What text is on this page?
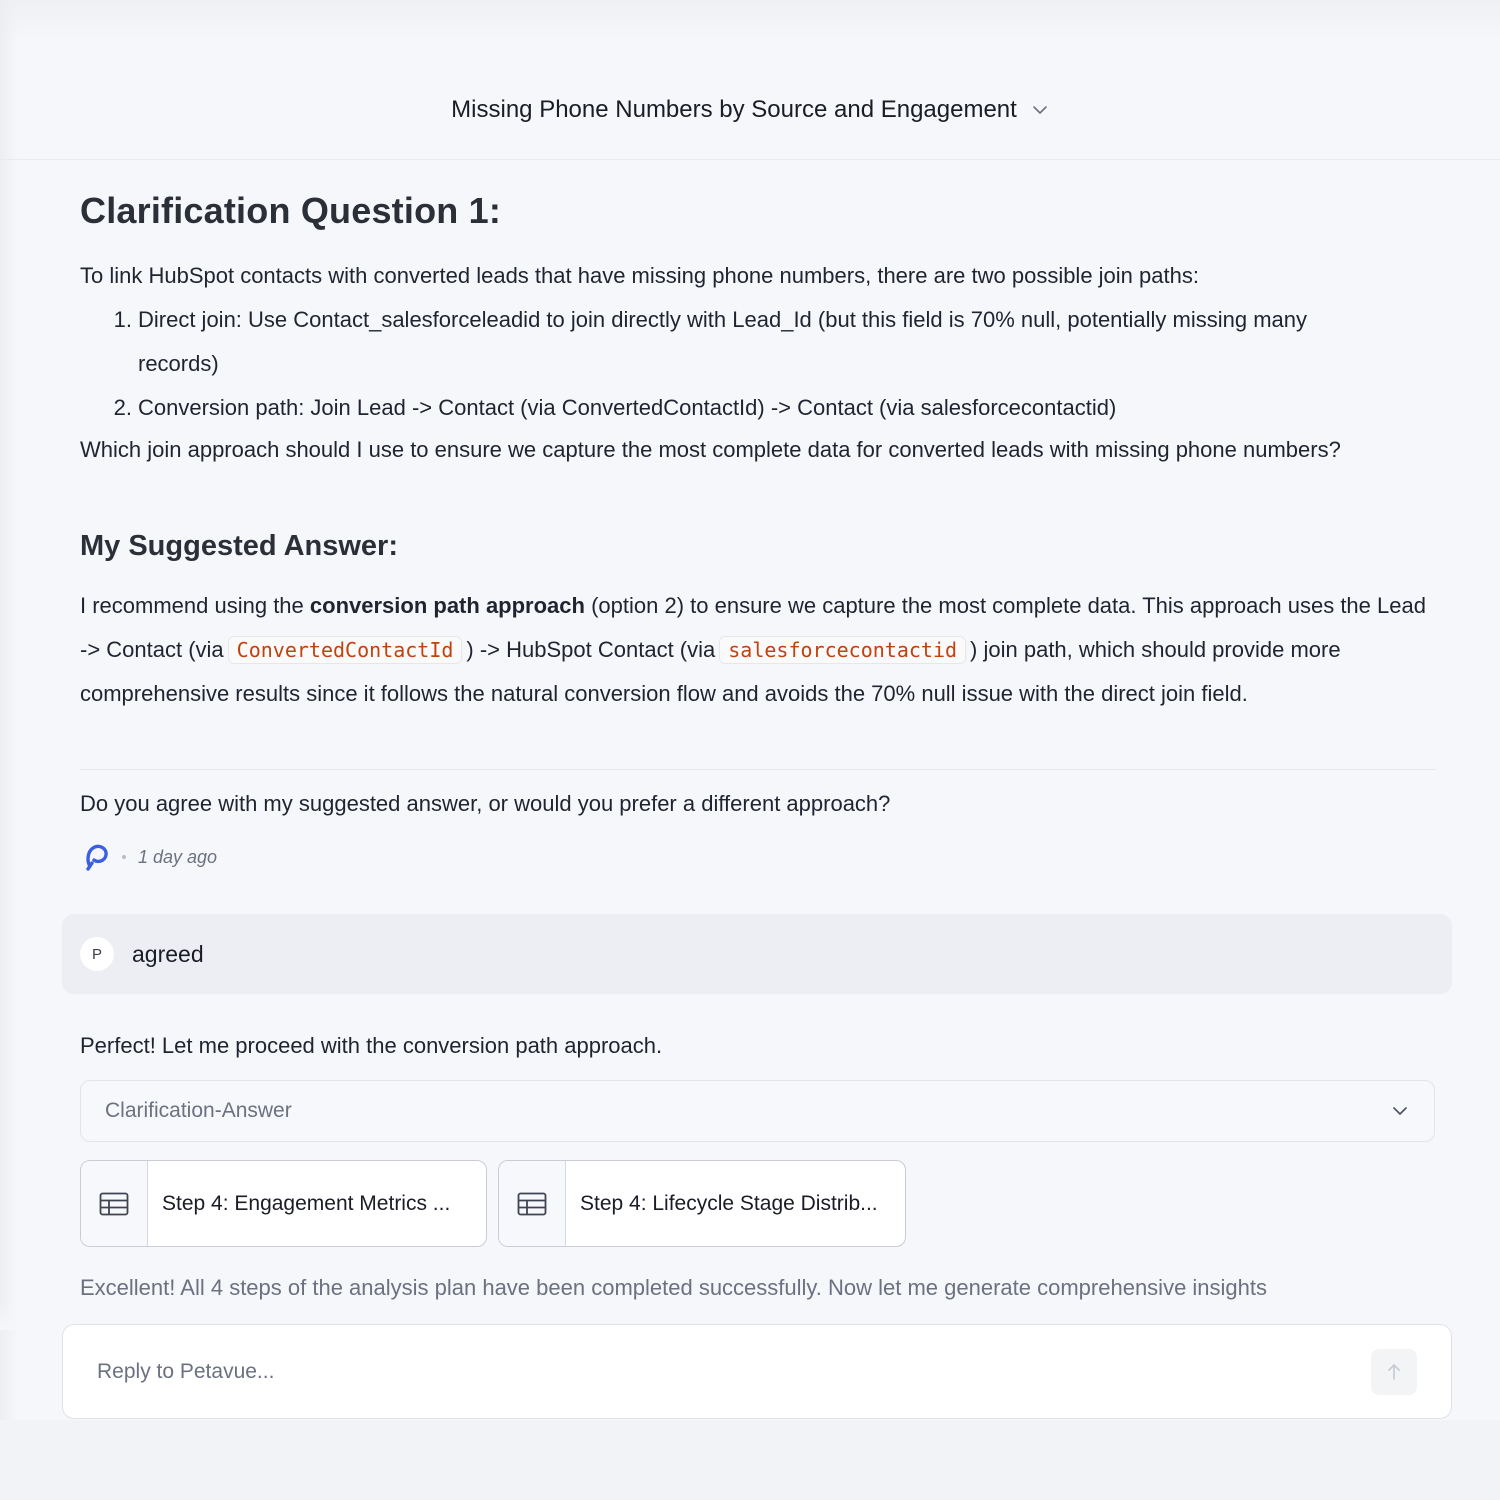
Missing Phone Numbers by Source and Engagement
Clarification Question 1:
To link HubSpot contacts with converted leads that have missing phone numbers, there are two possible join paths:
1. Direct join: Use Contact_salesforceleadid to join directly with Lead_Id (but this field is 70% null, potentially missing many records)
2. Conversion path: Join Lead -> Contact (via ConvertedContactId) -> Contact (via salesforcecontactid)
Which join approach should I use to ensure we capture the most complete data for converted leads with missing phone numbers?
My Suggested Answer:
I recommend using the conversion path approach (option 2) to ensure we capture the most complete data. This approach uses the Lead -> Contact (via ConvertedContactId ) -> HubSpot Contact (via salesforcecontactid ) join path, which should provide more comprehensive results since it follows the natural conversion flow and avoids the 70% null issue with the direct join field.
Do you agree with my suggested answer, or would you prefer a different approach?
1 day ago
P	agreed
Perfect! Let me proceed with the conversion path approach.
Clarification-Answer
Step 4: Engagement Metrics ...	Step 4: Lifecycle Stage Distrib...
Excellent! All 4 steps of the analysis plan have been completed successfully. Now let me generate comprehensive insights
Reply to Petavue...
